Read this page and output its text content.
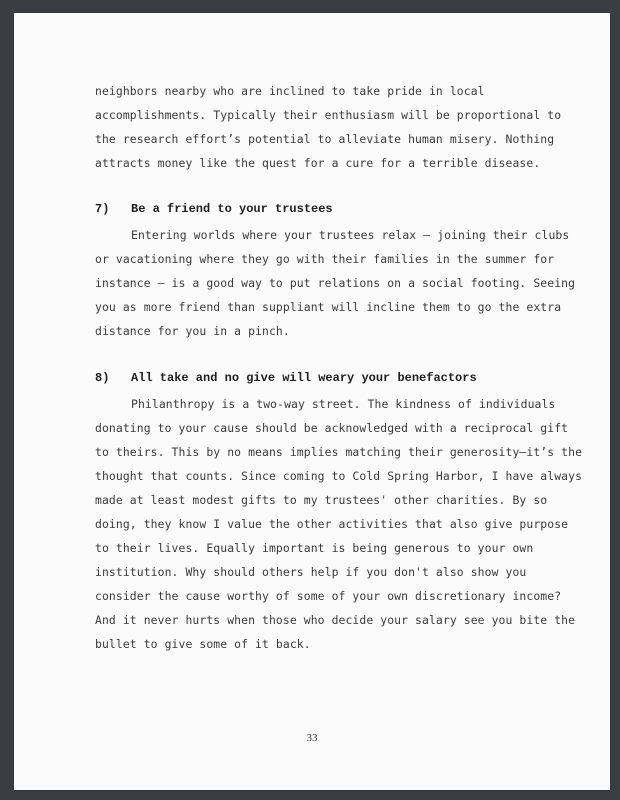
neighbors nearby who are inclined to take pride in local

accomplishments. Typically their enthusiasm will be proportional to

the research effort’s potential to alleviate human misery. Nothing

attracts money like the quest for a cure for a terrible disease.

7) Be a friend to your trustees

Entering worlds where your trustees relax — joining their clubs

or vacationing where they go with their families in the summer for

instance — is a good way to put relations on a social footing. Seeing

you as more friend than suppliant will incline them to go the extra

distance for you in a pinch.

8) All take and no give will weary your benefactors

Philanthropy is a two-way street. The kindness of individuals

donating to your cause should be acknowledged with a reciprocal gift

to theirs. This by no means implies matching their generosity—it’s the

thought that counts. Since coming to Cold Spring Harbor, I have always

made at least modest gifts to my trustees' other charities. By so

doing, they know I value the other activities that also give purpose

to their lives. Equally important is being generous to your own

institution. Why should others help if you don't also show you

consider the cause worthy of some of your own discretionary income?

And it never hurts when those who decide your salary see you bite the

bullet to give some of it back.

33
